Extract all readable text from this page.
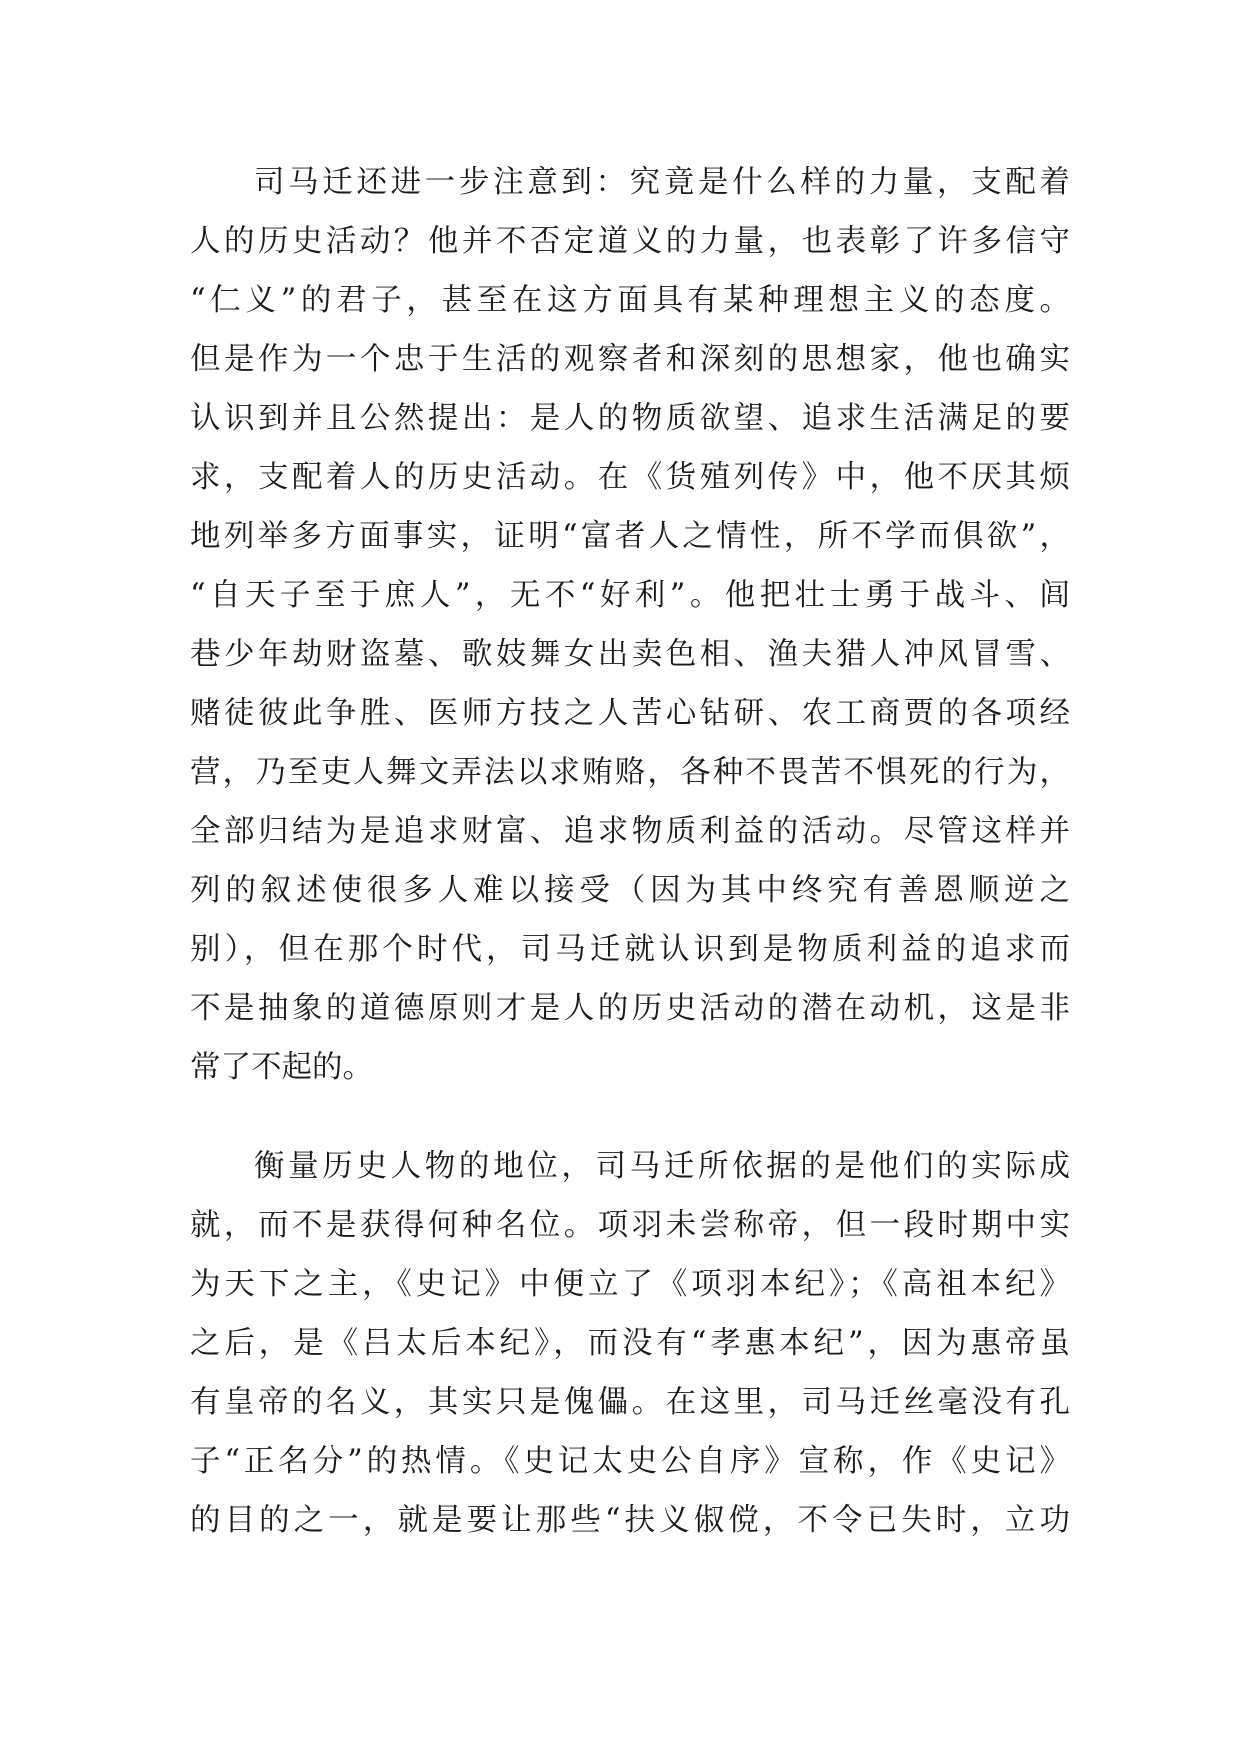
司马迁还进一步注意到：究竟是什么样的力量，支配着
人的历史活动？他并不否定道义的力量，也表彰了许多信守
“仁义”的君子，甚至在这方面具有某种理想主义的态度。
但是作为一个忠于生活的观察者和深刻的思想家，他也确实
认识到并且公然提出：是人的物质欲望、追求生活满足的要
求，支配着人的历史活动。在《货殖列传》中，他不厌其烦
地列举多方面事实，证明“富者人之情性，所不学而俱欲”，
“自天子至于庶人”，无不“好利”。他把壮士勇于战斗、闾
巷少年劫财盗墓、歌妓舞女出卖色相、渔夫猎人冲风冒雪、
赌徒彼此争胜、医师方技之人苦心钻研、农工商贾的各项经
营，乃至吏人舞文弄法以求贿赂，各种不畏苦不惧死的行为，
全部归结为是追求财富、追求物质利益的活动。尽管这样并
列的叙述使很多人难以接受（因为其中终究有善恩顺逆之
别），但在那个时代，司马迁就认识到是物质利益的追求而
不是抽象的道德原则才是人的历史活动的潜在动机，这是非
常了不起的。
衡量历史人物的地位，司马迁所依据的是他们的实际成
就，而不是获得何种名位。项羽未尝称帝，但一段时期中实
为天下之主，《史记》中便立了《项羽本纪》；《高祖本纪》
之后，是《吕太后本纪》，而没有“孝惠本纪”，因为惠帝虽
有皇帝的名义，其实只是傀儡。在这里，司马迁丝毫没有孔
子“正名分”的热情。《史记太史公自序》宣称，作《史记》
的目的之一，就是要让那些“扶义俶傥，不令已失时，立功
